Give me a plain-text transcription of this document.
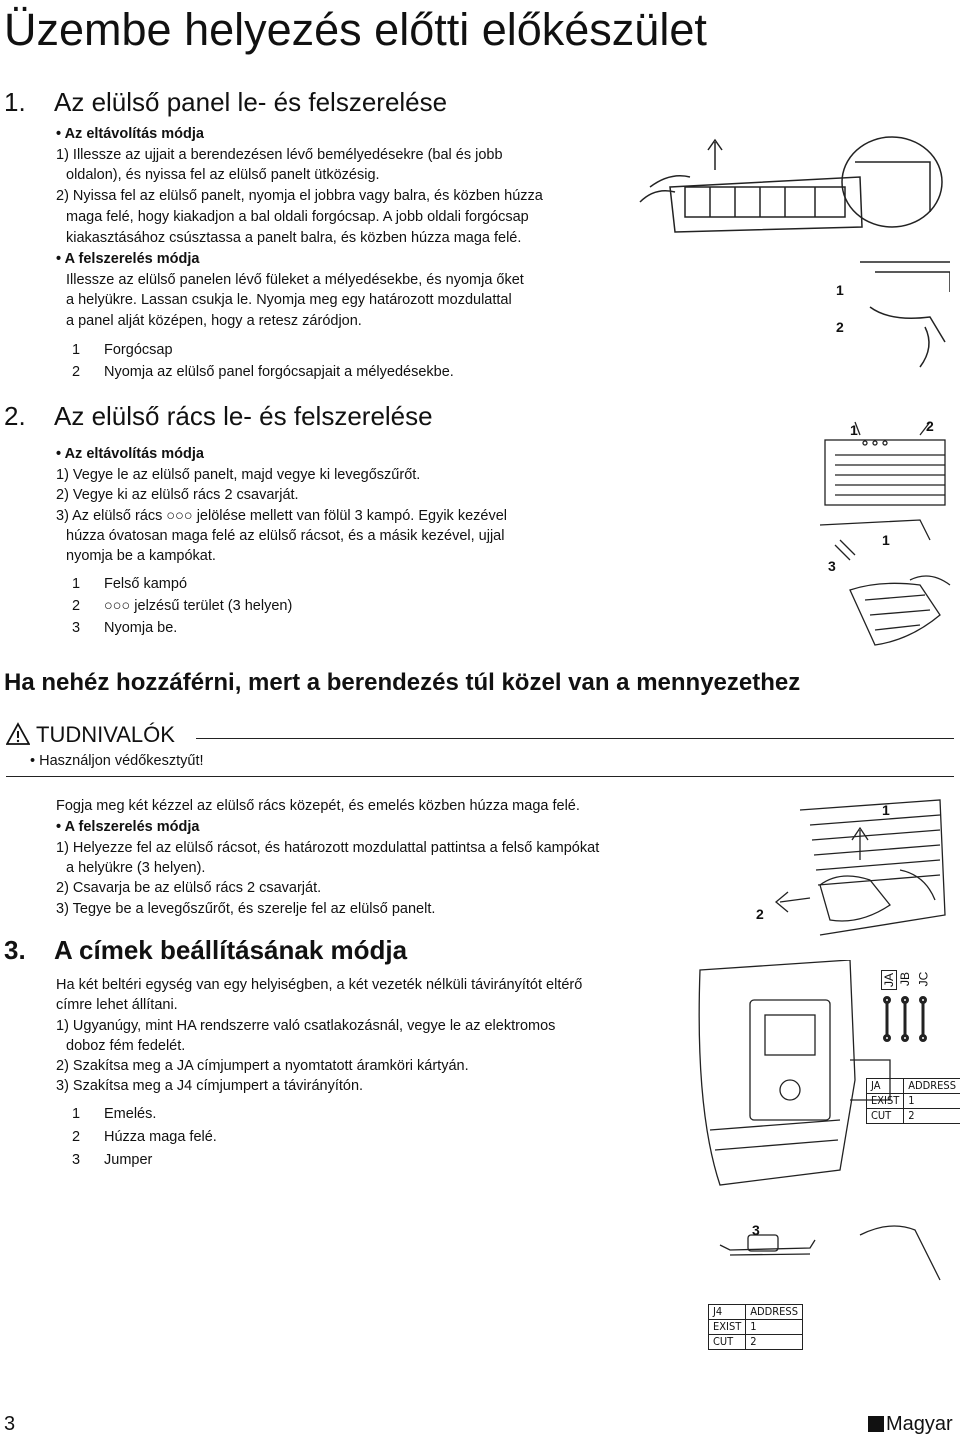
Üzembe helyezés előtti előkészület
1. Az elülső panel le- és felszerelése
• Az eltávolítás módja
1) Illessze az ujjait a berendezésen lévő bemélyedésekre (bal és jobb
oldalon), és nyissa fel az elülső panelt ütközésig.
2) Nyissa fel az elülső panelt, nyomja el jobbra vagy balra, és közben húzza
maga felé, hogy kiakadjon a bal oldali forgócsap. A jobb oldali forgócsap
kiakasztásához csúsztassa a panelt balra, és közben húzza maga felé.
• A felszerelés módja
Illessze az elülső panelen lévő füleket a mélyedésekbe, és nyomja őket
a helyükre. Lassan csukja le. Nyomja meg egy határozott mozdulattal
a panel alját középen, hogy a retesz záródjon.
1 Forgócsap
2 Nyomja az elülső panel forgócsapjait a mélyedésekbe.
1
2
2. Az elülső rács le- és felszerelése
• Az eltávolítás módja
1) Vegye le az elülső panelt, majd vegye ki levegőszűrőt.
2) Vegye ki az elülső rács 2 csavarját.
3) Az elülső rács ○○○ jelölése mellett van fölül 3 kampó. Egyik kezével
húzza óvatosan maga felé az elülső rácsot, és a másik kezével, ujjal
nyomja be a kampókat.
1 Felső kampó
2 ○○○ jelzésű terület (3 helyen)
3 Nyomja be.
1	2
1
3
Ha nehéz hozzáférni, mert a berendezés túl közel van a mennyezethez
TUDNIVALÓK
• Használjon védőkesztyűt!
Fogja meg két kézzel az elülső rács közepét, és emelés közben húzza maga felé.
• A felszerelés módja
1) Helyezze fel az elülső rácsot, és határozott mozdulattal pattintsa a felső kampókat
a helyükre (3 helyen).
2) Csavarja be az elülső rács 2 csavarját.
3) Tegye be a levegőszűrőt, és szerelje fel az elülső panelt.
1
2
3. A címek beállításának módja
Ha két beltéri egység van egy helyiségben, a két vezeték nélküli távirányítót eltérő
címre lehet állítani.
1) Ugyanúgy, mint HA rendszerre való csatlakozásnál, vegye le az elektromos
doboz fém fedelét.
2) Szakítsa meg a JA címjumpert a nyomtatott áramköri kártyán.
3) Szakítsa meg a J4 címjumpert a távirányítón.
1 Emelés.
2 Húzza maga felé.
3 Jumper
JA JB JC
JA	ADDRESS
EXIST	1
CUT	2
3
J4	ADDRESS
EXIST	1
CUT	2
3	Magyar
